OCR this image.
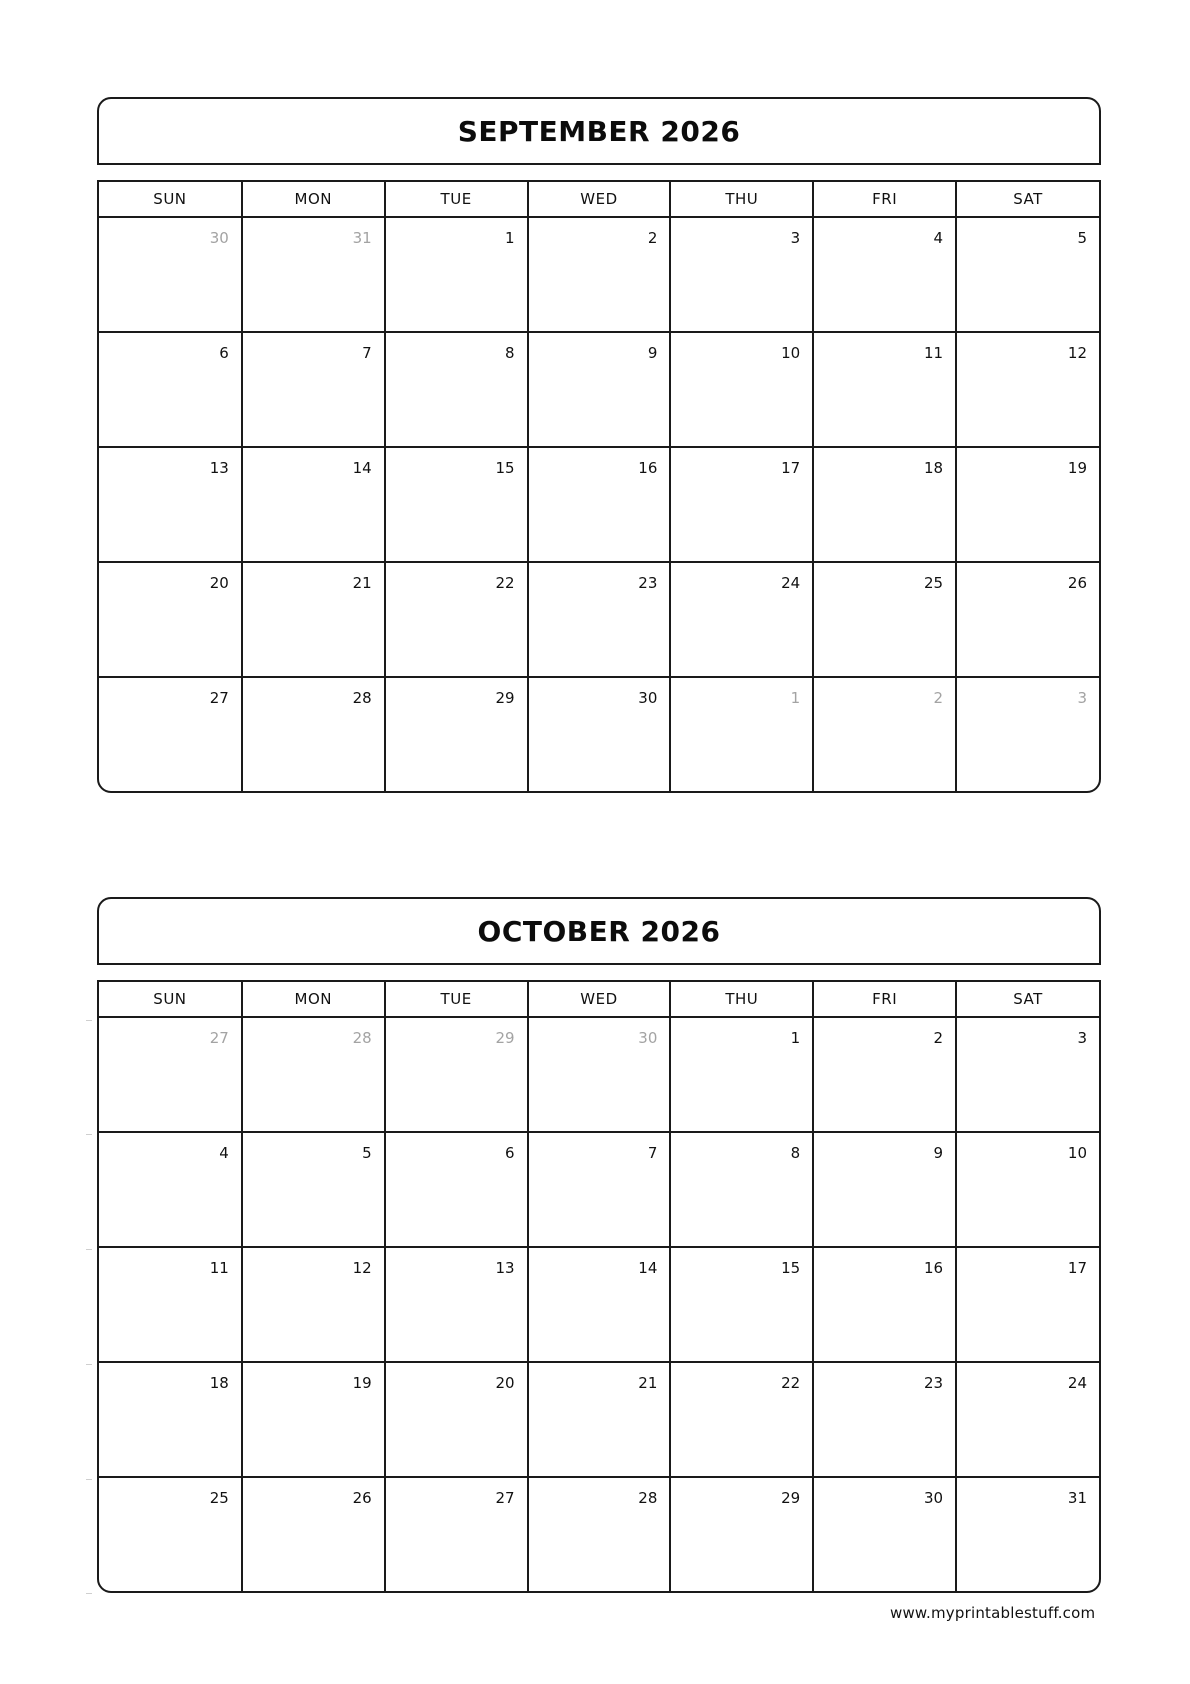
SEPTEMBER 2026
SUN	MON	TUE	WED	THU	FRI	SAT
30	31	1	2	3	4	5
6	7	8	9	10	11	12
13	14	15	16	17	18	19
20	21	22	23	24	25	26
27	28	29	30	1	2	3
OCTOBER 2026
SUN	MON	TUE	WED	THU	FRI	SAT
27	28	29	30	1	2	3
4	5	6	7	8	9	10
11	12	13	14	15	16	17
18	19	20	21	22	23	24
25	26	27	28	29	30	31
www.myprintablestuff.com
